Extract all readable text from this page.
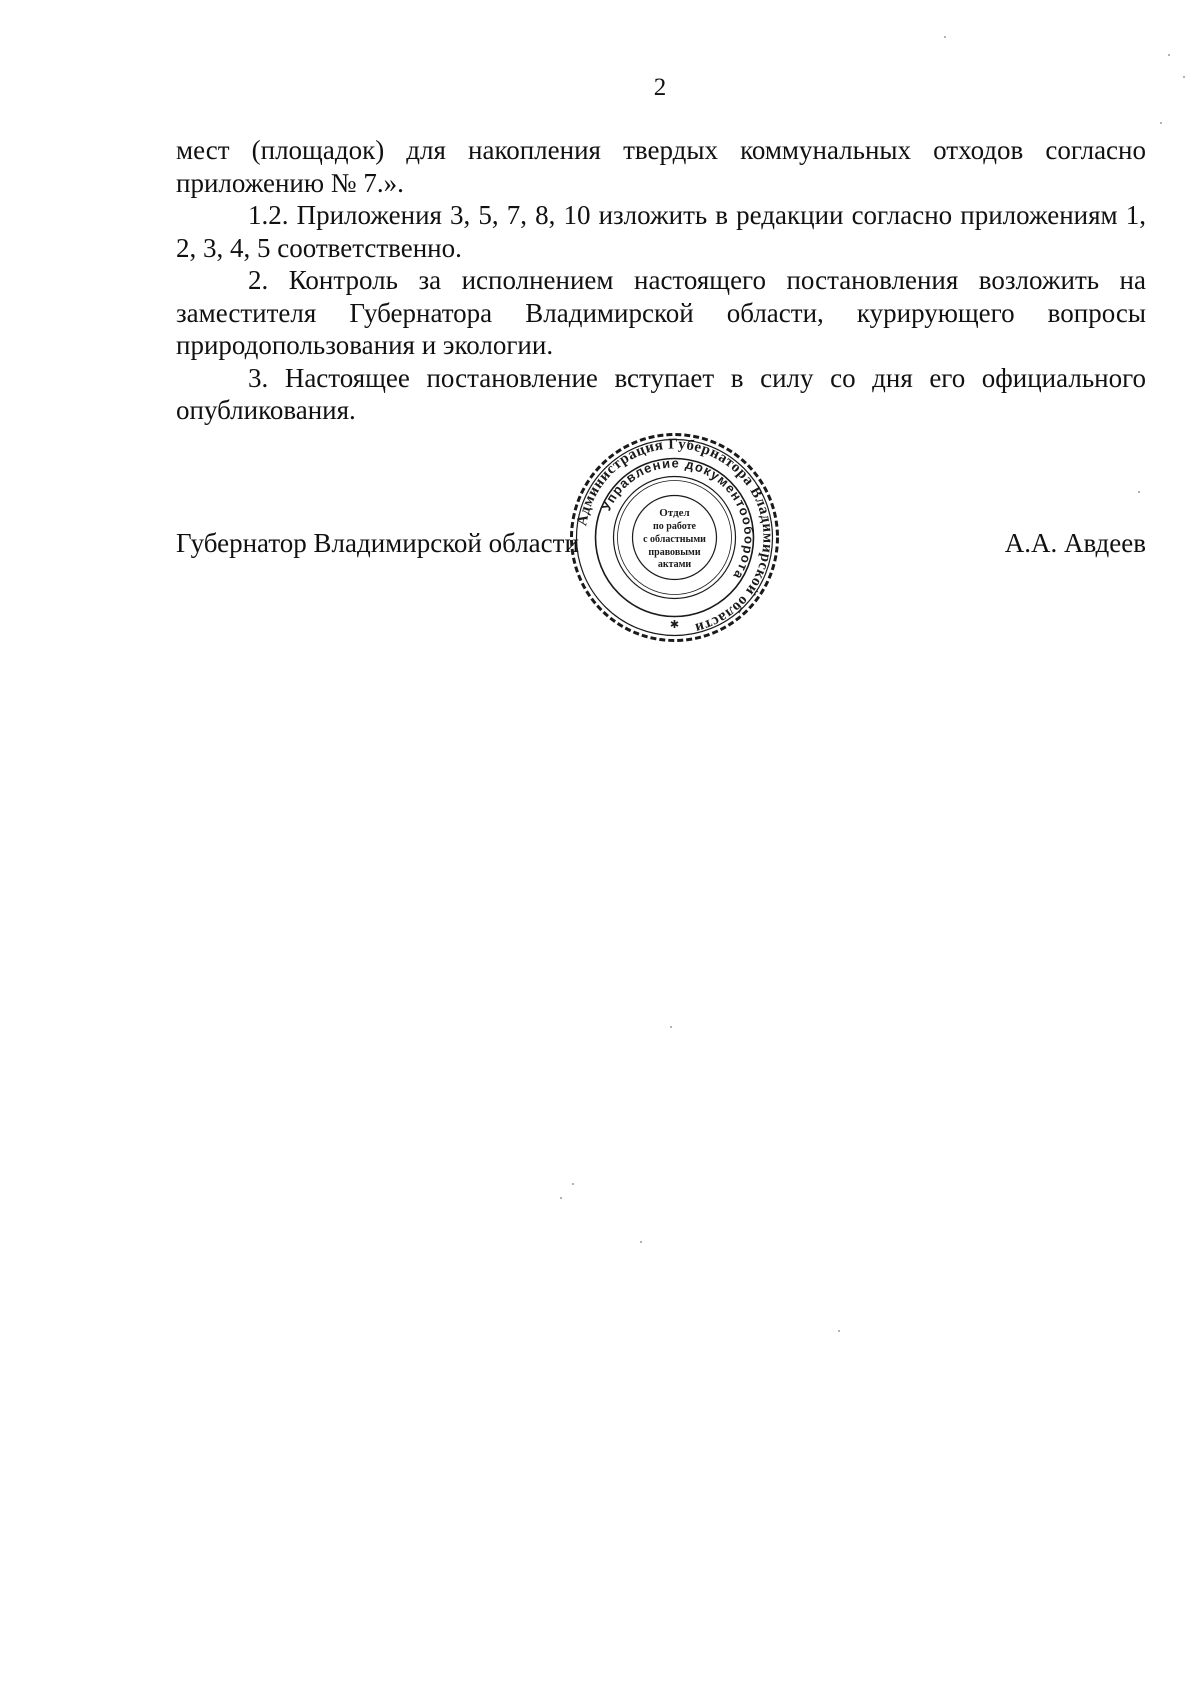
2

мест (площадок) для накопления твердых коммунальных отходов согласно приложению № 7.».

1.2. Приложения 3, 5, 7, 8, 10 изложить в редакции согласно приложениям 1, 2, 3, 4, 5 соответственно.

2. Контроль за исполнением настоящего постановления возложить на заместителя Губернатора Владимирской области, курирующего вопросы природопользования и экологии.

3. Настоящее постановление вступает в силу со дня его официального опубликования.

Губернатор Владимирской области	А.А. Авдеев
Администрация Губернатора Владимирской области
Управление документооборота
Отдел
по работе
с областными
правовыми
актами
✱
